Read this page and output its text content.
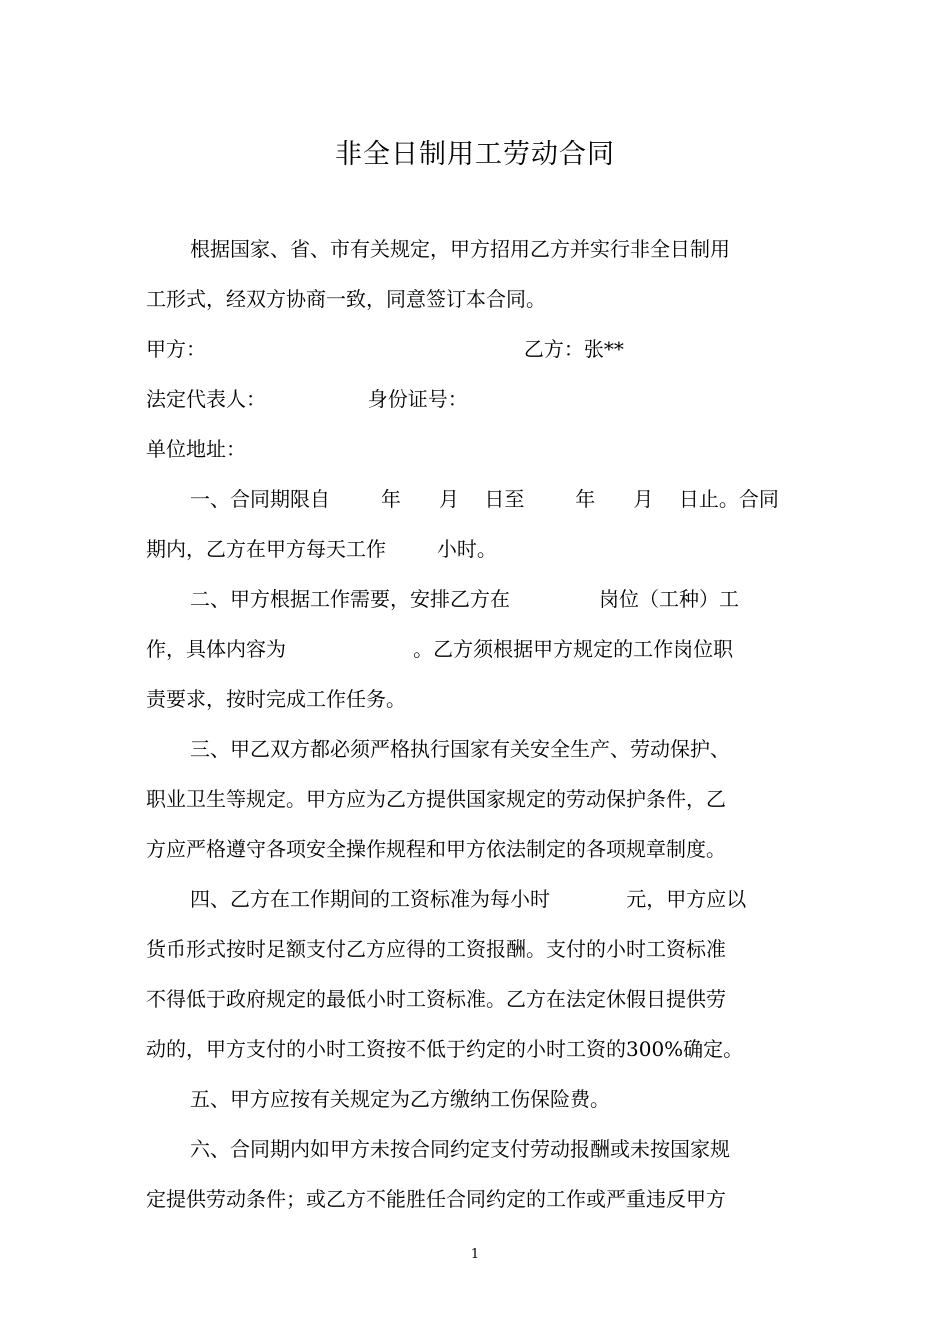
非全日制用工劳动合同
根据国家、省、市有关规定，甲方招用乙方并实行非全日制用
工形式，经双方协商一致，同意签订本合同。
甲方：                                                  乙方：张**
法定代表人：                身份证号：
单位地址：
一、合同期限自        年      月    日至        年      月    日止。合同
期内，乙方在甲方每天工作        小时。
二、甲方根据工作需要，安排乙方在              岗位（工种）工
作，具体内容为                    。乙方须根据甲方规定的工作岗位职
责要求，按时完成工作任务。
三、甲乙双方都必须严格执行国家有关安全生产、劳动保护、
职业卫生等规定。甲方应为乙方提供国家规定的劳动保护条件，乙
方应严格遵守各项安全操作规程和甲方依法制定的各项规章制度。
四、乙方在工作期间的工资标准为每小时            元，甲方应以
货币形式按时足额支付乙方应得的工资报酬。支付的小时工资标准
不得低于政府规定的最低小时工资标准。乙方在法定休假日提供劳
动的，甲方支付的小时工资按不低于约定的小时工资的300%确定。
五、甲方应按有关规定为乙方缴纳工伤保险费。
六、合同期内如甲方未按合同约定支付劳动报酬或未按国家规
定提供劳动条件；或乙方不能胜任合同约定的工作或严重违反甲方
1
